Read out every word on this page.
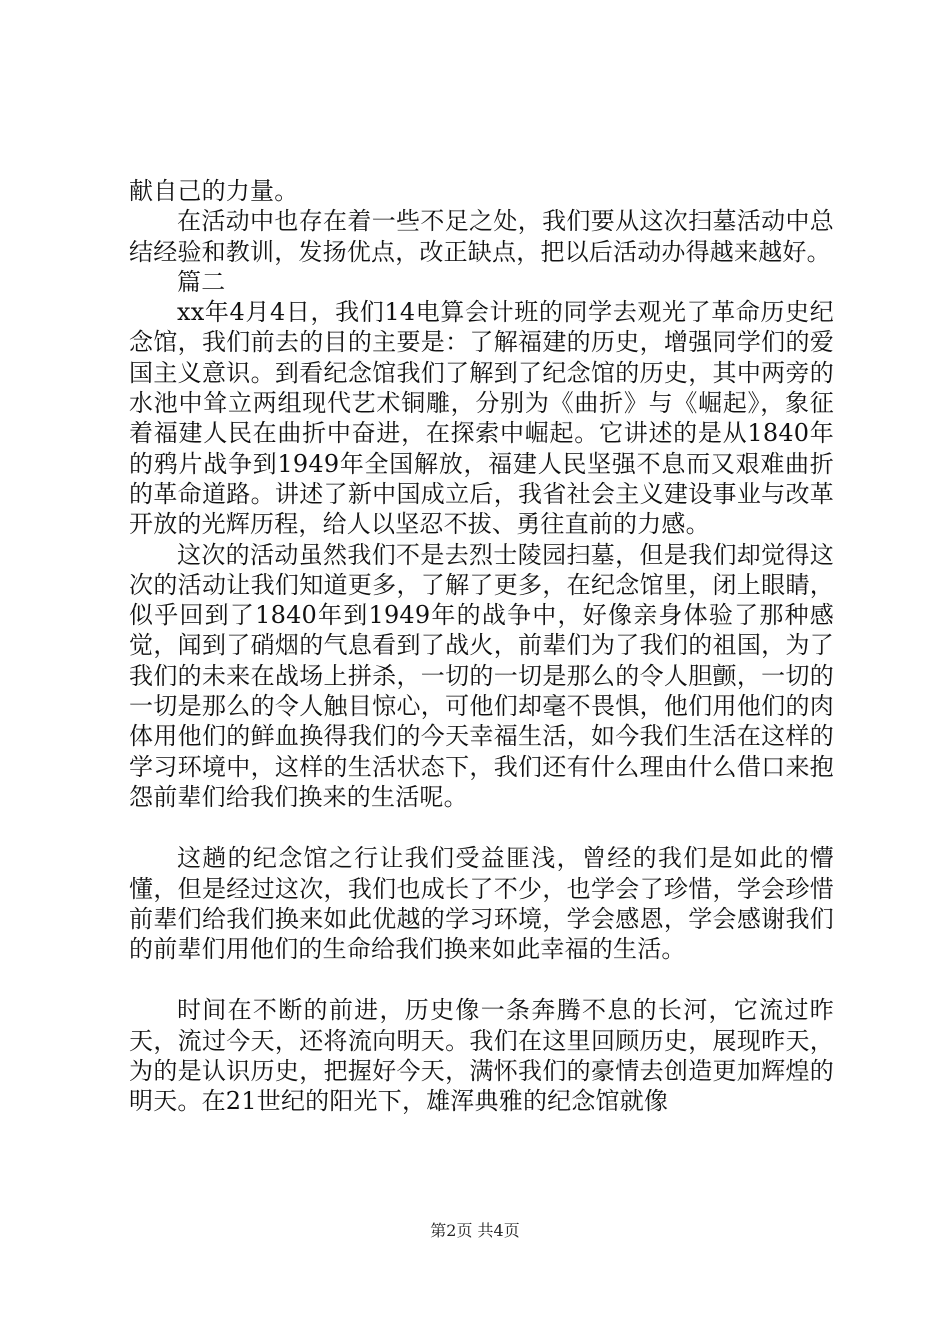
献自己的力量。

在活动中也存在着一些不足之处，我们要从这次扫墓活动中总结经验和教训，发扬优点，改正缺点，把以后活动办得越来越好。

篇二

xx年4月4日，我们14电算会计班的同学去观光了革命历史纪念馆，我们前去的目的主要是：了解福建的历史，增强同学们的爱国主义意识。到看纪念馆我们了解到了纪念馆的历史，其中两旁的水池中耸立两组现代艺术铜雕，分别为《曲折》与《崛起》，象征着福建人民在曲折中奋进，在探索中崛起。它讲述的是从1840年的鸦片战争到1949年全国解放，福建人民坚强不息而又艰难曲折的革命道路。讲述了新中国成立后，我省社会主义建设事业与改革开放的光辉历程，给人以坚忍不拔、勇往直前的力感。

这次的活动虽然我们不是去烈士陵园扫墓，但是我们却觉得这次的活动让我们知道更多，了解了更多，在纪念馆里，闭上眼睛，似乎回到了1840年到1949年的战争中，好像亲身体验了那种感觉，闻到了硝烟的气息看到了战火，前辈们为了我们的祖国，为了我们的未来在战场上拼杀，一切的一切是那么的令人胆颤，一切的一切是那么的令人触目惊心，可他们却毫不畏惧，他们用他们的肉体用他们的鲜血换得我们的今天幸福生活，如今我们生活在这样的学习环境中，这样的生活状态下，我们还有什么理由什么借口来抱怨前辈们给我们换来的生活呢。

这趟的纪念馆之行让我们受益匪浅，曾经的我们是如此的懵懂，但是经过这次，我们也成长了不少，也学会了珍惜，学会珍惜前辈们给我们换来如此优越的学习环境，学会感恩，学会感谢我们的前辈们用他们的生命给我们换来如此幸福的生活。

时间在不断的前进，历史像一条奔腾不息的长河，它流过昨天，流过今天，还将流向明天。我们在这里回顾历史，展现昨天，为的是认识历史，把握好今天，满怀我们的豪情去创造更加辉煌的明天。在21世纪的阳光下，雄浑典雅的纪念馆就像

第2页 共4页
